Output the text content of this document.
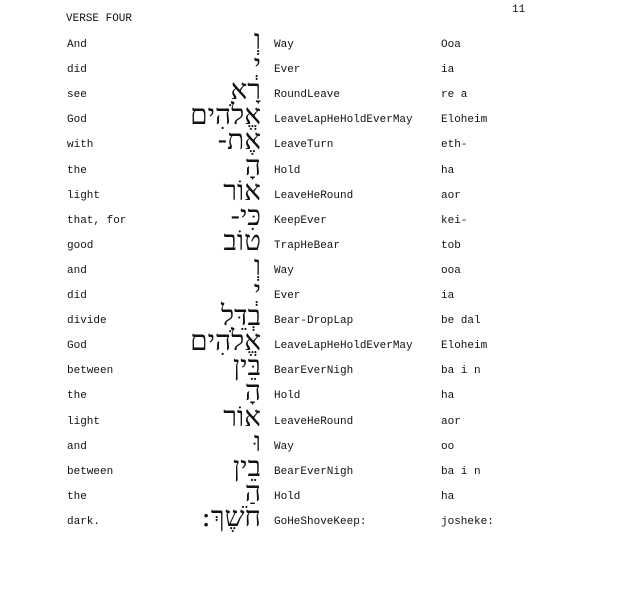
11
VERSE FOUR
And	וְ Way	Ooa
did	יְ Ever	ia
see	רָא RoundLeave	re a
God	אֱלֹהִים LeaveLapHeHoldEverMay	Eloheim
with	אֶת- LeaveTurn	eth-
the	הָ Hold	ha
light	אוֹר LeaveHeRound	aor
that, for	כִּי- KeepEver	kei-
good	טוֹב TrapHeBear	tob
and	וְ Way	ooa
did	יְ Ever	ia
divide	בְדֵּל Bear-DropLap	be dal
God	אֱלֹהִים LeaveLapHeHoldEverMay	Eloheim
between	בֵּין BearEverNigh	ba i n
the	הָ Hold	ha
light	אוֹר LeaveHeRound	aor
and	וּ Way	oo
between	בֵין BearEverNigh	ba i n
the	הַ Hold	ha
dark.	חֹשֶׁךְ: GoHeShoveKeep:	josheke:
